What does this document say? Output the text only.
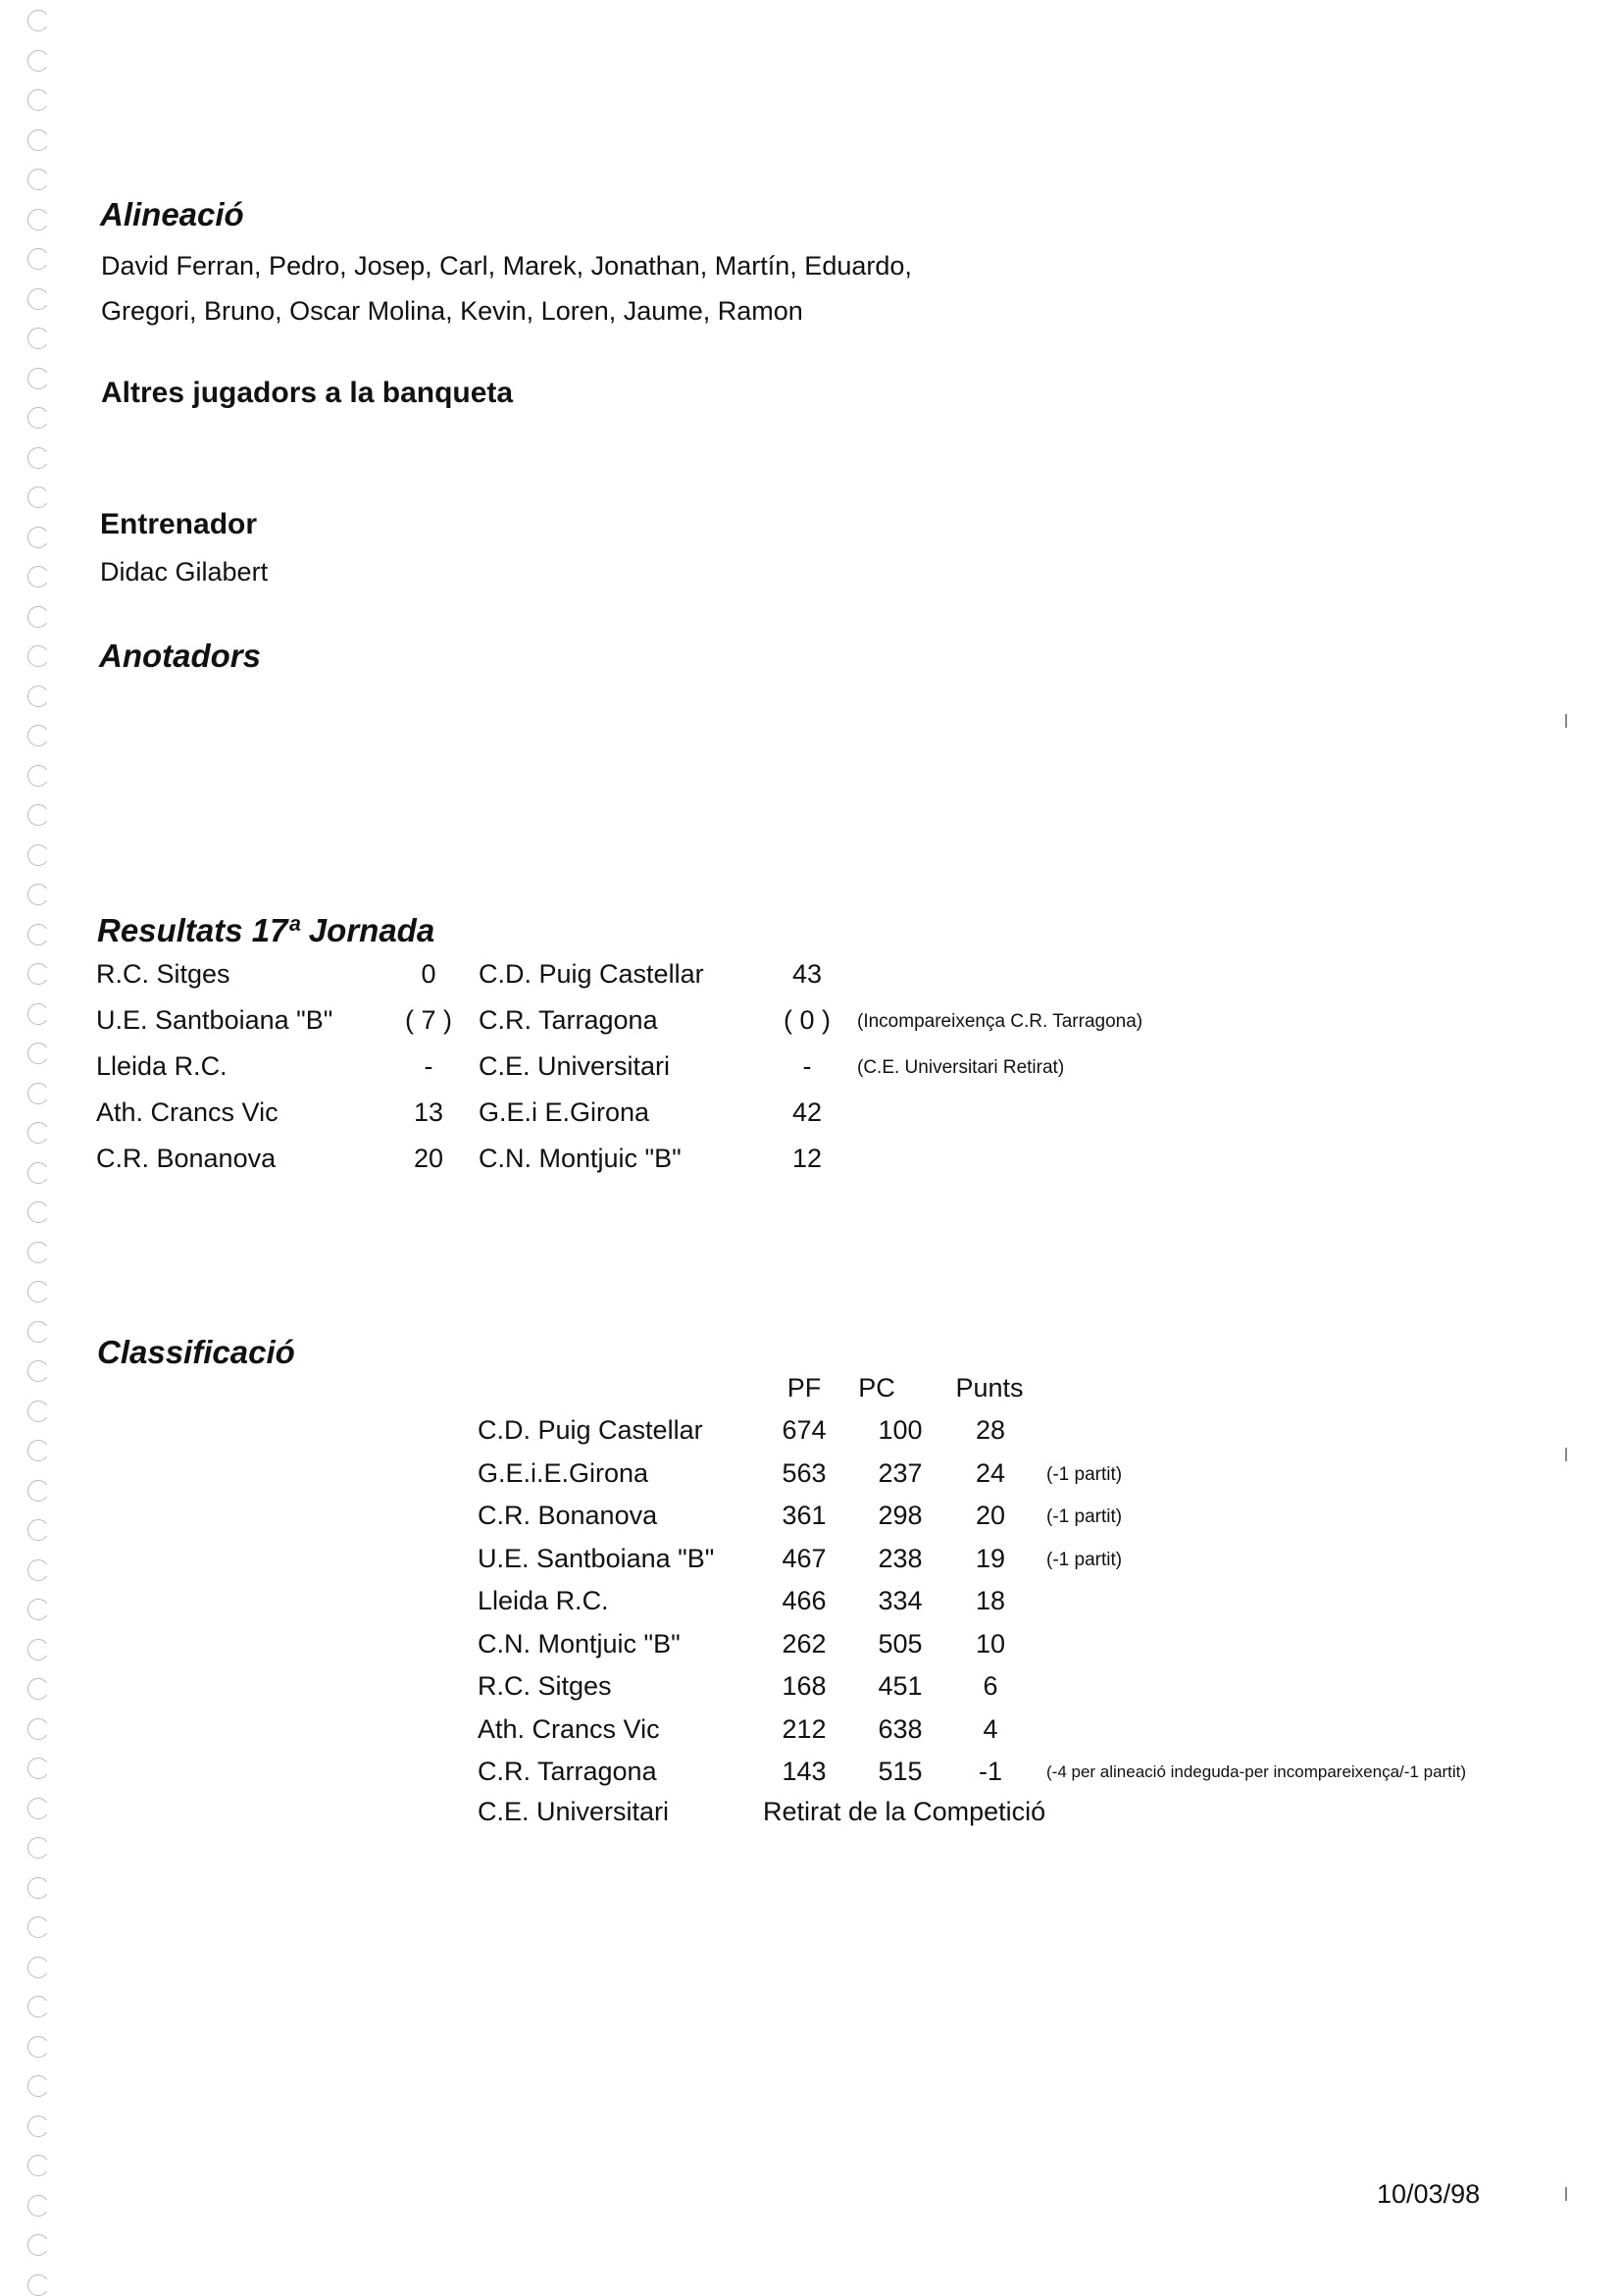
Alineació
David Ferran, Pedro, Josep, Carl, Marek, Jonathan, Martín, Eduardo,
Gregori, Bruno, Oscar Molina, Kevin, Loren, Jaume, Ramon
Altres jugadors a la banqueta
Entrenador
Didac Gilabert
Anotadors
Resultats 17ª Jornada
R.C. Sitges	0	C.D. Puig Castellar	43
U.E. Santboiana "B"	( 7 )	C.R. Tarragona	( 0 )	(Incompareixença C.R. Tarragona)
Lleida R.C.	-	C.E. Universitari	-	(C.E. Universitari Retirat)
Ath. Crancs Vic	13	G.E.i E.Girona	42
C.R. Bonanova	20	C.N. Montjuic "B"	12
Classificació
PF	PC	Punts
C.D. Puig Castellar	674 100	28
G.E.i.E.Girona	563 237	24	(-1 partit)
C.R. Bonanova	361 298	20	(-1 partit)
U.E. Santboiana "B"	467 238	19	(-1 partit)
Lleida R.C.	466 334	18
C.N. Montjuic "B"	262 505	10
R.C. Sitges	168 451	6
Ath. Crancs Vic	212 638	4
C.R. Tarragona	143 515	-1	(-4 per alineació indeguda-per incompareixença/-1 partit)
C.E. Universitari	Retirat de la Competició
10/03/98
